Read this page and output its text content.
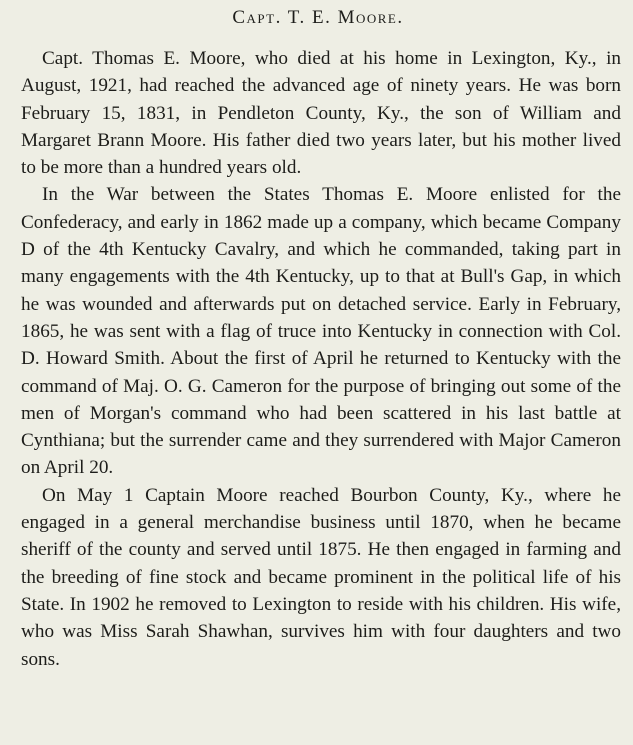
Capt. T. E. Moore.

Capt. Thomas E. Moore, who died at his home in Lexington, Ky., in August, 1921, had reached the advanced age of ninety years. He was born February 15, 1831, in Pendleton County, Ky., the son of William and Margaret Brann Moore. His father died two years later, but his mother lived to be more than a hundred years old.

In the War between the States Thomas E. Moore enlisted for the Confederacy, and early in 1862 made up a company, which became Company D of the 4th Kentucky Cavalry, and which he commanded, taking part in many engagements with the 4th Kentucky, up to that at Bull's Gap, in which he was wounded and afterwards put on detached service. Early in February, 1865, he was sent with a flag of truce into Kentucky in connection with Col. D. Howard Smith. About the first of April he returned to Kentucky with the command of Maj. O. G. Cameron for the purpose of bringing out some of the men of Morgan's command who had been scattered in his last battle at Cynthiana; but the surrender came and they surrendered with Major Cameron on April 20.

On May 1 Captain Moore reached Bourbon County, Ky., where he engaged in a general merchandise business until 1870, when he became sheriff of the county and served until 1875. He then engaged in farming and the breeding of fine stock and became prominent in the political life of his State. In 1902 he removed to Lexington to reside with his children. His wife, who was Miss Sarah Shawhan, survives him with four daughters and two sons.
